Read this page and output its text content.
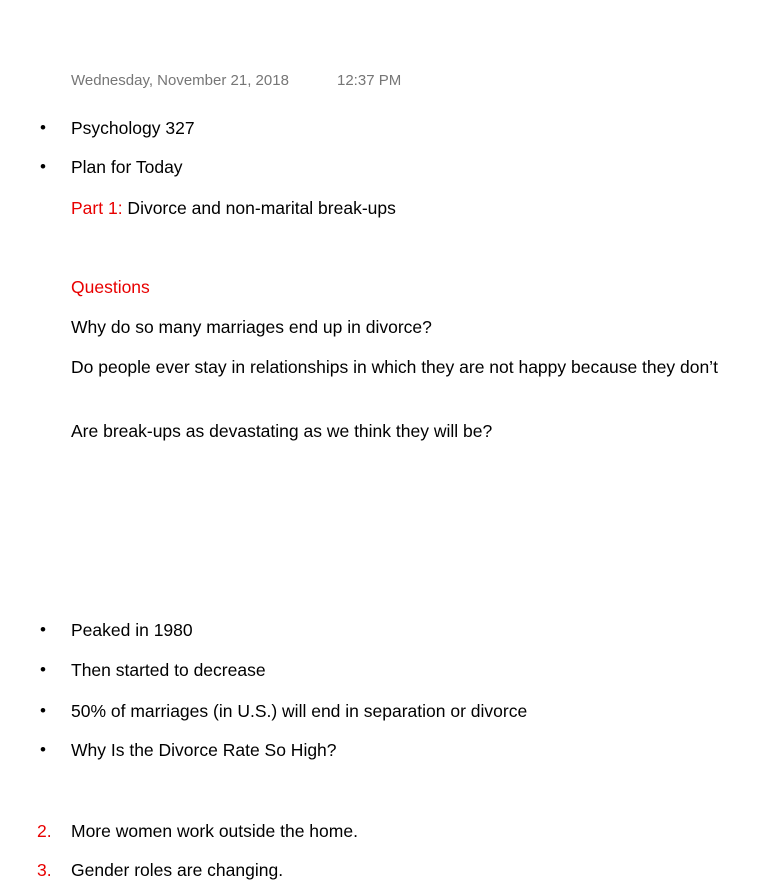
Wednesday, November 21, 2018	12:37 PM
• Psychology 327
• Plan for Today
Part 1: Divorce and non-marital break-ups
Questions
Why do so many marriages end up in divorce?
Do people ever stay in relationships in which they are not happy because they don’t
Are break-ups as devastating as we think they will be?
• Peaked in 1980
• Then started to decrease
• 50% of marriages (in U.S.) will end in separation or divorce
• Why Is the Divorce Rate So High?
2. More women work outside the home.
3. Gender roles are changing.
